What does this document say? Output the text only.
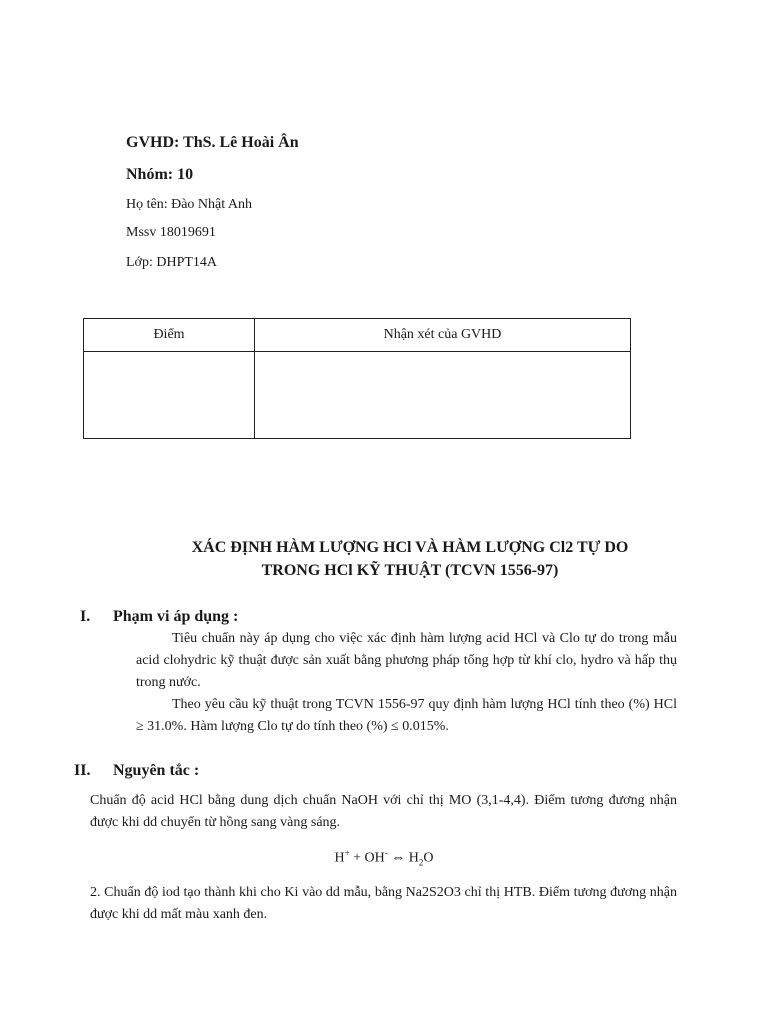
GVHD: ThS. Lê Hoài Ân
Nhóm: 10
Họ tên: Đào Nhật Anh
Mssv 18019691
Lớp: DHPT14A
Điểm	Nhận xét của GVHD

XÁC ĐỊNH HÀM LƯỢNG HCl VÀ HÀM LƯỢNG Cl2 TỰ DO
TRONG HCl KỸ THUẬT (TCVN 1556-97)
I. Phạm vi áp dụng :
Tiêu chuẩn này áp dụng cho việc xác định hàm lượng acid HCl và Clo tự do trong mẫu acid clohydric kỹ thuật được sản xuất bằng phương pháp tổng hợp từ khí clo, hydro và hấp thụ trong nước.
Theo yêu cầu kỹ thuật trong TCVN 1556-97 quy định hàm lượng HCl tính theo (%) HCl ≥ 31.0%. Hàm lượng Clo tự do tính theo (%) ≤ 0.015%.
II. Nguyên tắc :
Chuẩn độ acid HCl bằng dung dịch chuẩn NaOH với chỉ thị MO (3,1-4,4). Điểm tương đương nhận được khi dd chuyển từ hồng sang vàng sáng.
H+ + OH- ⇔ $H_2O$
2. Chuẩn độ iod tạo thành khi cho Ki vào dd mẫu, bằng Na2S2O3 chỉ thị HTB. Điểm tương đương nhận được khi dd mất màu xanh đen.
